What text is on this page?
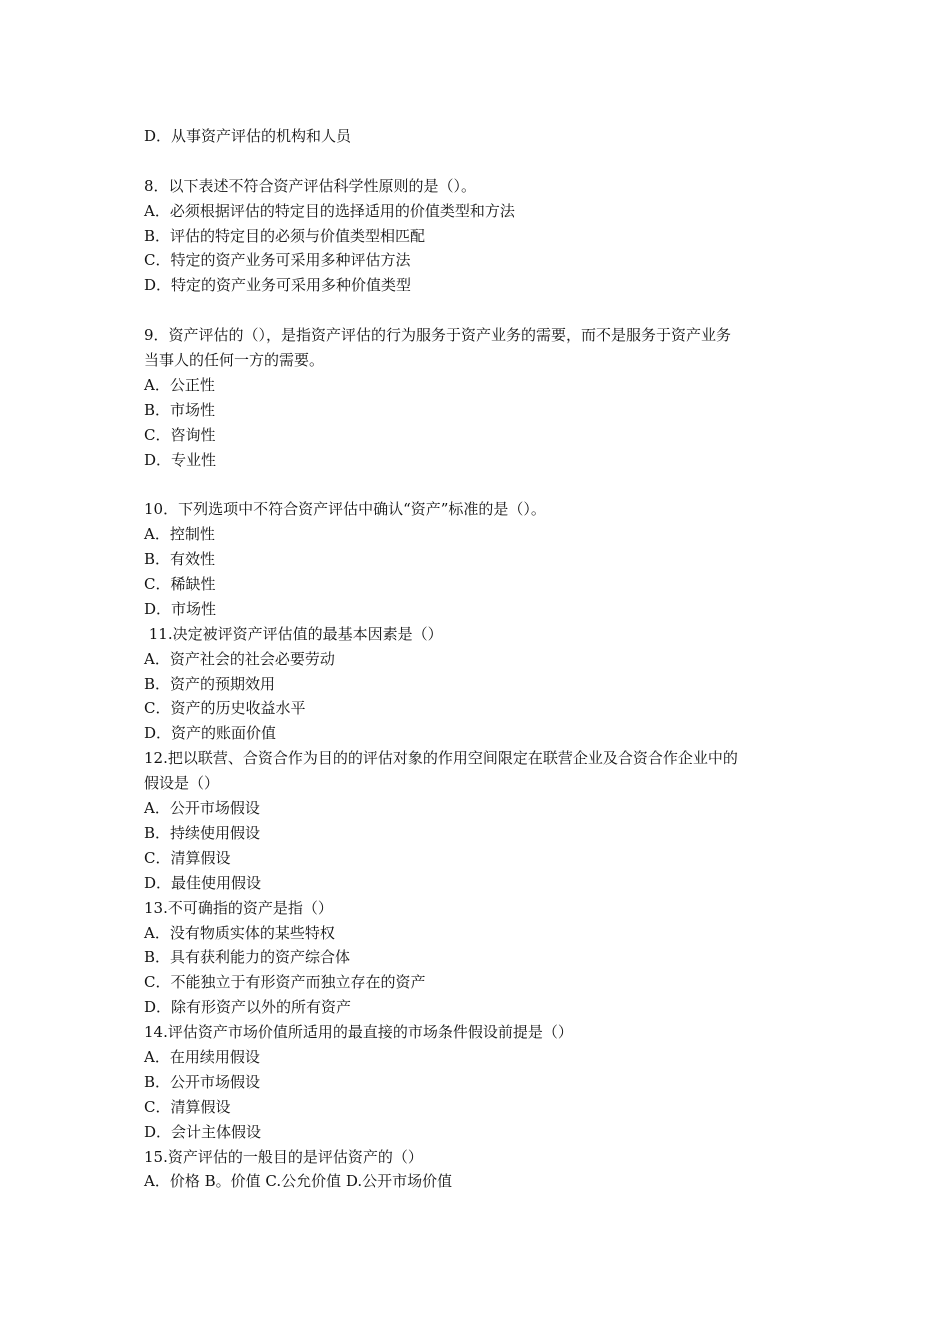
D．从事资产评估的机构和人员
8．以下表述不符合资产评估科学性原则的是（）。
A．必须根据评估的特定目的选择适用的价值类型和方法
B．评估的特定目的必须与价值类型相匹配
C．特定的资产业务可采用多种评估方法
D．特定的资产业务可采用多种价值类型
9．资产评估的（），是指资产评估的行为服务于资产业务的需要，而不是服务于资产业务
当事人的任何一方的需要。
A．公正性
B．市场性
C．咨询性
D．专业性
10．下列选项中不符合资产评估中确认“资产”标准的是（）。
A．控制性
B．有效性
C．稀缺性
D．市场性
11.决定被评资产评估值的最基本因素是（）
A．资产社会的社会必要劳动
B．资产的预期效用
C．资产的历史收益水平
D．资产的账面价值
12.把以联营、合资合作为目的的评估对象的作用空间限定在联营企业及合资合作企业中的
假设是（）
A．公开市场假设
B．持续使用假设
C．清算假设
D．最佳使用假设
13.不可确指的资产是指（）
A．没有物质实体的某些特权
B．具有获利能力的资产综合体
C．不能独立于有形资产而独立存在的资产
D．除有形资产以外的所有资产
14.评估资产市场价值所适用的最直接的市场条件假设前提是（）
A．在用续用假设
B．公开市场假设
C．清算假设
D．会计主体假设
15.资产评估的一般目的是评估资产的（）
A．价格 B。价值 C.公允价值 D.公开市场价值
